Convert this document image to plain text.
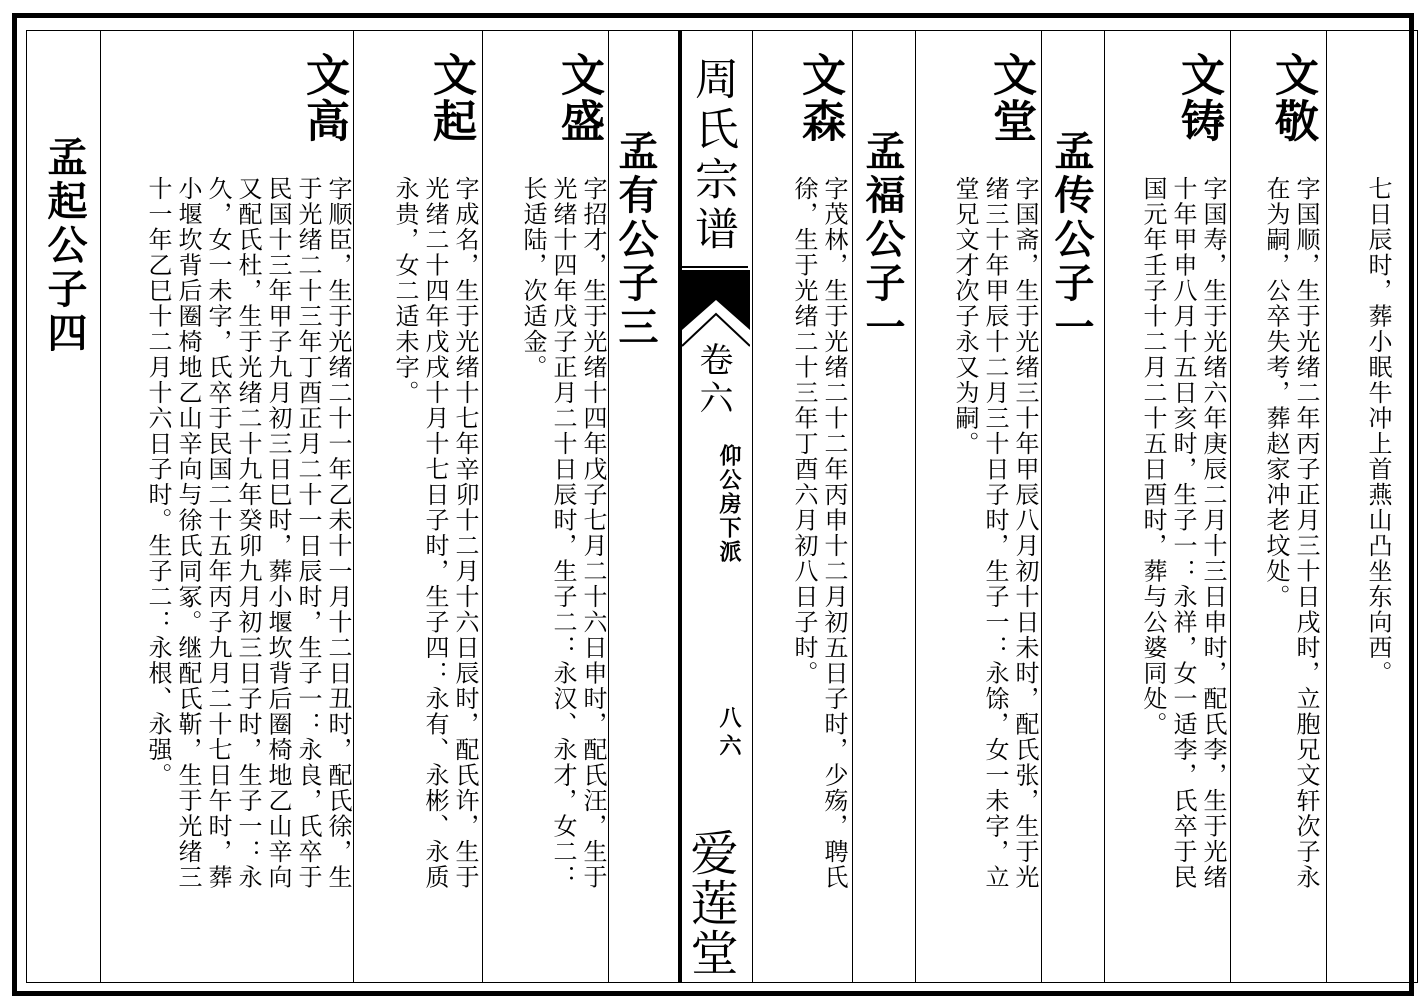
周氏宗谱
卷六
仰公房下派
八六
爱莲堂
七日辰时，葬小眠牛冲上首燕山凸坐东向西。
文敬
字国顺，生于光绪二年丙子正月三十日戌时，立胞兄文轩次子永
在为嗣，公卒失考，葬赵家冲老坟处。
文铸
字国寿，生于光绪六年庚辰二月十三日申时，配氏李，生于光绪
十年甲申八月十五日亥时，生子一：永祥，女一适李，氏卒于民
国元年壬子十二月二十五日酉时，葬与公婆同处。
孟传公子一
文堂
字国斋，生于光绪三十年甲辰八月初十日未时，配氏张，生于光
绪三十年甲辰十二月三十日子时，生子一：永馀，女一未字，立
堂兄文才次子永又为嗣。
孟福公子一
文森
字茂林，生于光绪二十二年丙申十二月初五日子时，少殇，聘氏
徐，生于光绪二十三年丁酉六月初八日子时。
孟有公子三
文盛
字招才，生于光绪十四年戊子七月二十六日申时，配氏汪，生于
光绪十四年戊子正月二十日辰时，生子二：永汉、永才，女二：
长适陆，次适金。
文起
字成名，生于光绪十七年辛卯十二月十六日辰时，配氏许，生于
光绪二十四年戊戌十月十七日子时，生子四：永有、永彬、永质
永贵，女二适未字。
文高
字顺臣，生于光绪二十一年乙未十一月十二日丑时，配氏徐，生
于光绪二十三年丁酉正月二十一日辰时，生子一：永良，氏卒于
民国十三年甲子九月初三日巳时，葬小堰坎背后圈椅地乙山辛向
又配氏杜，生于光绪二十九年癸卯九月初三日子时，生子一：永
久，女一未字，氏卒于民国二十五年丙子九月二十七日午时，葬
小堰坎背后圈椅地乙山辛向与徐氏同冢。继配氏靳，生于光绪三
十一年乙巳十二月十六日子时。生子二：永根、永强。
孟起公子四
